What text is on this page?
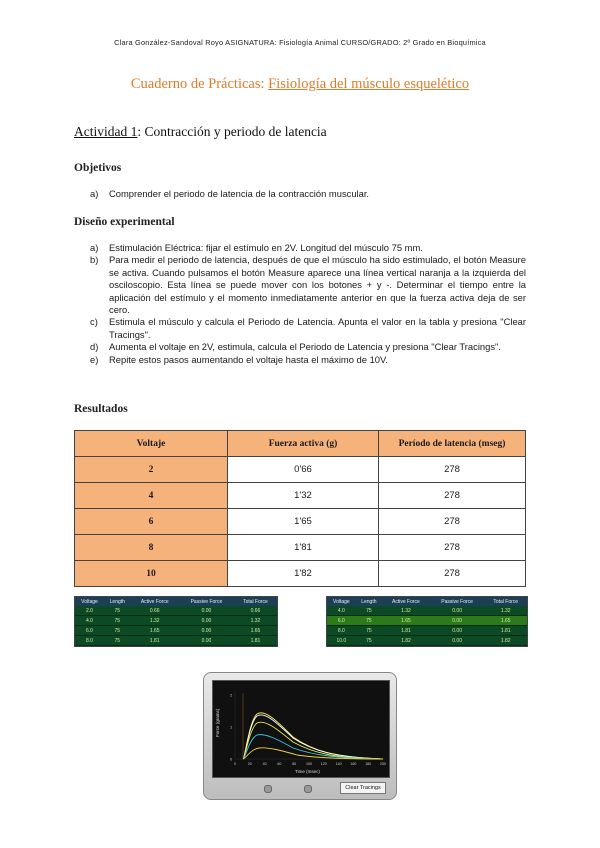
Clara González-Sandoval Royo ASIGNATURA: Fisiología Animal CURSO/GRADO: 2º Grado en Bioquímica
Cuaderno de Prácticas: Fisiología del músculo esquelético
Actividad 1: Contracción y periodo de latencia
Objetivos
a) Comprender el periodo de latencia de la contracción muscular.
Diseño experimental
a) Estimulación Eléctrica: fijar el estímulo en 2V. Longitud del músculo 75 mm.
b) Para medir el periodo de latencia, después de que el músculo ha sido estimulado, el botón Measure se activa. Cuando pulsamos el botón Measure aparece una línea vertical naranja a la izquierda del osciloscopio. Esta línea se puede mover con los botones + y -. Determinar el tiempo entre la aplicación del estímulo y el momento inmediatamente anterior en que la fuerza activa deja de ser cero.
c) Estimula el músculo y calcula el Periodo de Latencia. Apunta el valor en la tabla y presiona "Clear Tracings".
d) Aumenta el voltaje en 2V, estimula, calcula el Periodo de Latencia y presiona "Clear Tracings".
e) Repite estos pasos aumentando el voltaje hasta el máximo de 10V.
Resultados
Voltaje	Fuerza activa (g)	Período de latencia (mseg)
2	0'66	278
4	1'32	278
6	1'65	278
8	1'81	278
10	1'82	278
Voltage	Length	Active Force	Passive Force	Total Force
2.0	75	0.66	0.00	0.66
4.0	75	1.32	0.00	1.32
6.0	75	1.65	0.00	1.65
8.0	75	1.81	0.00	1.81
Voltage	Length	Active Force	Passive Force	Total Force
4.0	75	1.32	0.00	1.32
6.0	75	1.65	0.00	1.65
8.0	75	1.81	0.00	1.81
10.0	75	1.82	0.00	1.82
2
1
0
0	20	40	60	80	100 120 140 160 180 200
Force (grams)
Time (msec)
Clear Tracings
